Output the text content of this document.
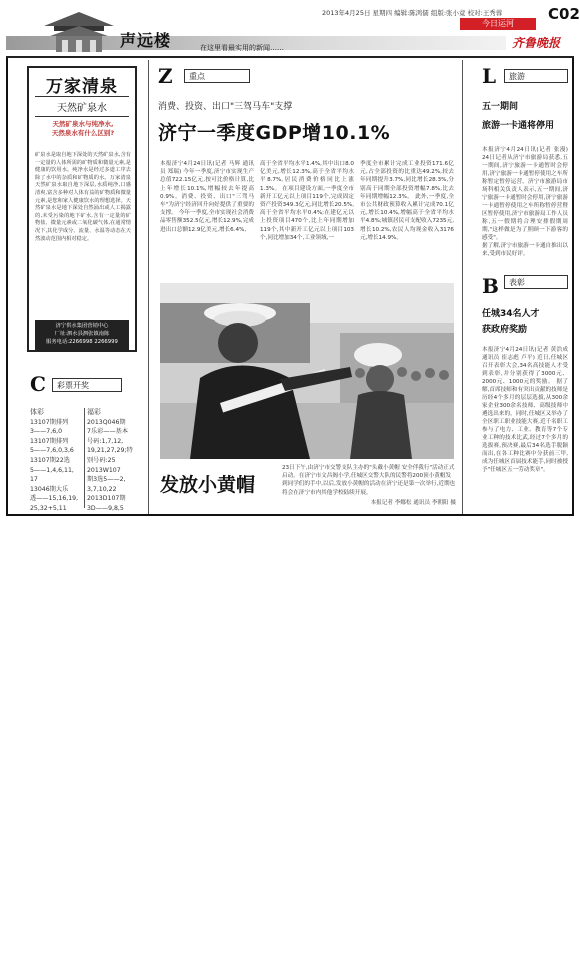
声远楼	在这里看最实用的新闻……
2013年4月25日 星期四 编辑:陈鸿儒 组版:张小竟 校对:王秀蓉	C02
今日运河
齐鲁晚报
万家清泉
天然矿泉水
天然矿泉水与纯净水,
天然泉水有什么区别?
矿泉水是取自地下深处的天然矿泉水,含有一定量的人体所需的矿物质和微量元素,是健康的饮用水。纯净水是经过多道工序去除了水中的杂质和矿物质的水。万家清泉天然矿泉水取自地下深层,水质纯净,口感清爽,富含多种对人体有益的矿物质和微量元素,是您和家人健康饮水的理想选择。天然矿泉水是地下深处自然涌出或人工揭露的,未受污染的地下矿水,含有一定量的矿物盐、微量元素或二氧化碳气体,在通常情况下,其化学成分、流量、水温等动态在天然波动范围内相对稳定。
济宁供水集团营销中心
厂址:泗水县泗张镇南陈
服务电话:2266998 2266999
C	彩票开奖
体彩
13107期排列
3——7,6,0
13107期排列
5——7,6,0,3,6
13107期22选
5——1,4,6,11,
17
13046期大乐
透——15,16,19,
25,32+5,11
福彩
2013Q046期
7乐彩——基本
号码:1,7,12,
19,21,27,29;特
别号码:25
2013W107
期3选5——2,
3,7,10,22
2013D107期
3D——9,8,5
Z	重点
消费、投资、出口"三驾马车"支撑
济宁一季度GDP增10.1%
本报济宁4月24日讯(记者 马辉 通讯员 郑瑞) 今年一季度,济宁市实现生产总值722.15亿元,按可比价格计算,比上年增长10.1%,增幅较去年提高0.9%。消费、投资、出口"三驾马车"为济宁经济回升向好提供了重要的支撑。 今年一季度,全市实现社会消费品零售额352.5亿元,增长12.9%,完成进出口总额12.9亿美元,增长6.4%,
高于全省平均水平1.4%,其中出口8.0亿美元,增长12.3%,高于全省平均水平8.7%,居民消费价格同比上涨1.3%。 在项目建设方面,一季度全市新开工亿元以上项目119个,完成固定资产投资349.3亿元,同比增长20.5%,高于全省平均水平0.4%;在建亿元以上投资项目470个,比上年同期增加119个,其中新开工亿元以上项目103个,同比增加34个,工业领域,一
季度全市累计完成工业投资171.6亿元,占全部投资的比重达49.2%,较去年同期提升3.7%,同比增长28.3%,分别高于同期全部投资增幅7.8%,比去年同期增幅12.3%。 此外,一季度,全市公共财政预算收入累计完成70.1亿元,增长10.4%,增幅高于全省平均水平4.8%;城镇居民可支配收入7235元,增长10.2%,农民人均现金收入3176元,增长14.9%。
发放小黄帽
23日下午,由济宁市交警支队主办的"头戴小黄帽 安全伴我行"活动正式启动。在济宁市文昌阁小学,任城区交警大队的民警将200顶小黄帽发到同学们的手中,以后,发放小黄帽的活动在济宁还是第一次举行,近期也将会在济宁市内其他学校陆续开展。
本报记者 李娜松 通讯员 李朝阳 摄
L	旅游
五一期间
旅游一卡通将停用
本报济宁4月24日讯(记者 张漫) 24日记者从济宁市旅游局获悉,五一期间,济宁旅游一卡通暂时会停用,济宁旅游一卡通暂停使用之车所称暂定暂停运营。济宁市旅游局市场科相关负责人表示,五一期间,济宁旅游一卡通暂时会停用,济宁旅游一卡通暂停使用之车所称暂停营暨区暂停使用,济宁市旅游局工作人员称,五一假期将合理安排假期周期,"这样做是为了照顾一下游客的感受"。
据了解,济宁市旅游一卡通自推出以来,受到市民好评。
B	表彰
任城34名人才
获政府奖励
本报济宁4月24日讯(记者 黄浩成 通讯员 崔志彪 卢平) 近日,任城区召开表彰大会,34名高技能人才受到表彰,并分别获得了3000元、2000元、1000元的奖励。 据了解,首席技师和有突出贡献的技师是历经4个多月的层层选拔,从300余家企业300余名技师、高级技师中遴选出来的。同时,任城区又举办了全区职工职业技能大赛,近千名职工参与了电力、工业、教育等7个专业工种的技术比武,经过7个多月的选拔赛,预决赛,最后34名选手脱颖而出,在各工种比赛中分获前三甲,成为任城区首届技术能手,同时被授予"任城区五一劳动奖章"。
